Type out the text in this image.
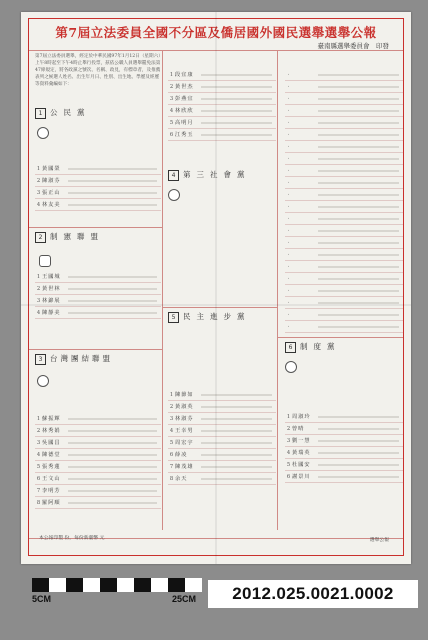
第7屆立法委員全國不分區及僑居國外國民選舉選舉公報
臺南縣選舉委員會　印發
第7屆立法委員選舉，經定於中華民國97年1月12日（星期六）上午8時起至下午4時止舉行投票，茲依公職人員選舉罷免法第47條規定，將各政黨之號次、名稱、政見，有標章者，及推薦表列之候選人姓名、出生年月日、性別、出生地、學歷及經歷等資料彙編如下：
1 公民黨
1 黃國榮
2 陳淑芬
3 張正山
4 林友美
2 制憲聯盟
1 王國城
2 黃世林
3 林錦展
4 陳靜美
3 台灣團結聯盟
1 蘇振輝
2 林秀娟
3 吳國昌
4 陳德堂
5 張秀蓮
6 王文山
7 李明芳
8 羅阿順
4 第三社會黨
1 段宜康
2 黃世杰
3 彭燕宜
4 林欣欣
5 高明月
6 江秀玉
5 民主進步黨
1 陳節如
2 黃淑英
3 林淑芬
4 王幸男
5 周宏宇
6 薛凌
7 陳茂雄
8 余天
6 制度黨
1 周淑玲
2 曾晴
3 劉一慧
4 黃瑞英
5 杜國安
6 謝景川
·
·
·
·
·
·
·
·
·
·
·
·
·
·
·
·
·
·
·
·
·
·
本公報印製 份，每份新臺幣 元	選舉公報
5CM	25CM	2012.025.0021.0002
